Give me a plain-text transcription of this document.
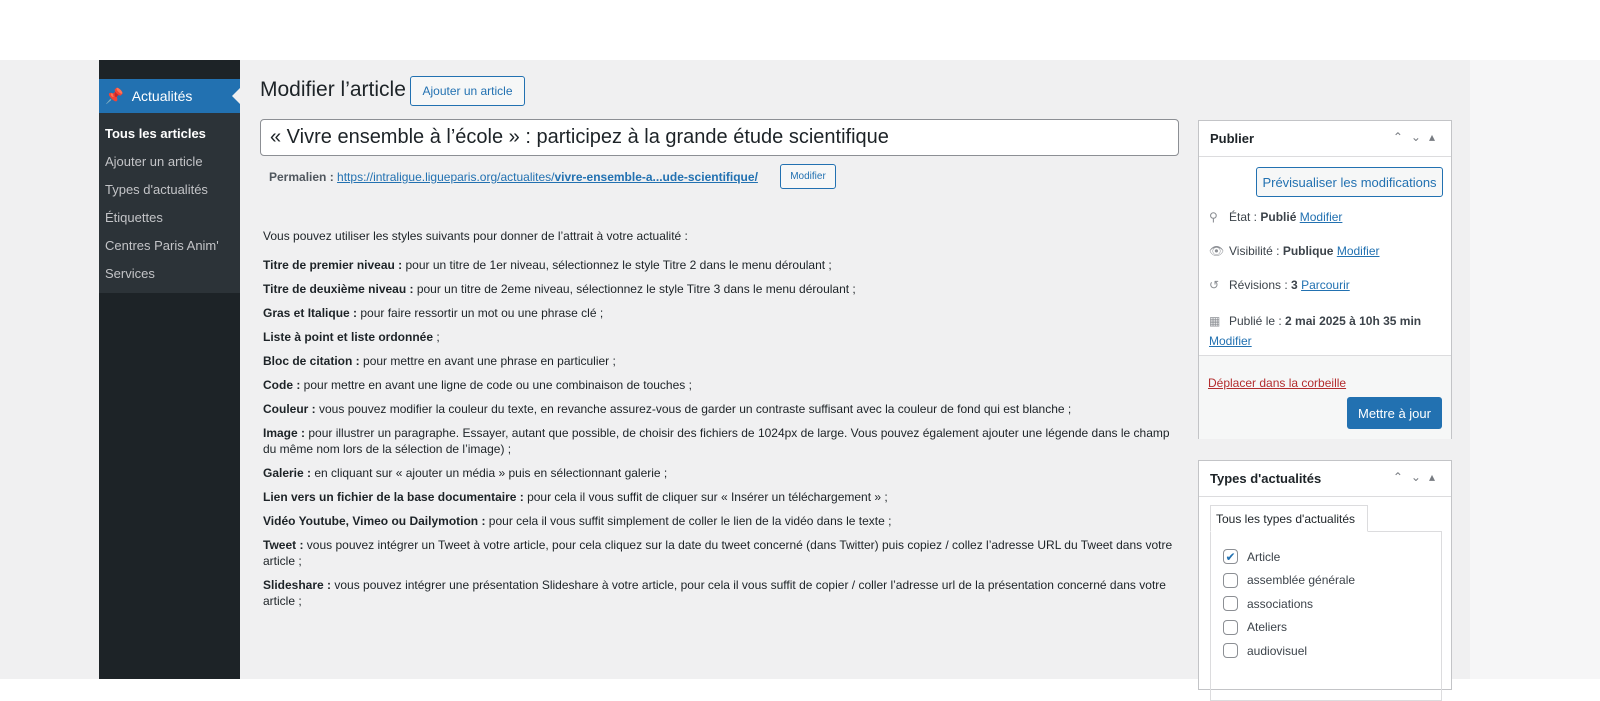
📌 Actualités
Tous les articles
Ajouter un article
Types d'actualités
Étiquettes
Centres Paris Anim'
Services
Modifier l’article	Ajouter un article
« Vivre ensemble à l’école » : participez à la grande étude scientifique
Permalien : https://intraligue.ligueparis.org/actualites/vivre-ensemble-a...ude-scientifique/	Modifier

Vous pouvez utiliser les styles suivants pour donner de l’attrait à votre actualité :

Titre de premier niveau : pour un titre de 1er niveau, sélectionnez le style Titre 2 dans le menu déroulant ;

Titre de deuxième niveau : pour un titre de 2eme niveau, sélectionnez le style Titre 3 dans le menu déroulant ;

Gras et Italique : pour faire ressortir un mot ou une phrase clé ;

Liste à point et liste ordonnée ;

Bloc de citation : pour mettre en avant une phrase en particulier ;

Code : pour mettre en avant une ligne de code ou une combinaison de touches ;

Couleur : vous pouvez modifier la couleur du texte, en revanche assurez-vous de garder un contraste suffisant avec la couleur de fond qui est blanche ;

Image : pour illustrer un paragraphe. Essayer, autant que possible, de choisir des fichiers de 1024px de large. Vous pouvez également ajouter une légende dans le champ du même nom lors de la sélection de l’image) ;

Galerie : en cliquant sur « ajouter un média » puis en sélectionnant galerie ;

Lien vers un fichier de la base documentaire : pour cela il vous suffit de cliquer sur « Insérer un téléchargement » ;

Vidéo Youtube, Vimeo ou Dailymotion : pour cela il vous suffit simplement de coller le lien de la vidéo dans le texte ;

Tweet : vous pouvez intégrer un Tweet à votre article, pour cela cliquez sur la date du tweet concerné (dans Twitter) puis copiez / collez l’adresse URL du Tweet dans votre article ;

Slideshare : vous pouvez intégrer une présentation Slideshare à votre article, pour cela il vous suffit de copier / coller l’adresse url de la présentation concerné dans votre article ;

Publier	⌃⌄▴
Prévisualiser les modifications
⚲ État : Publié Modifier
👁 Visibilité : Publique Modifier
↺ Révisions : 3 Parcourir
▦ Publié le : 2 mai 2025 à 10h 35 min
Modifier
Déplacer dans la corbeille
Mettre à jour
Types d'actualités	⌃⌄▴
Tous les types d'actualités
✔ Article
assemblée générale
associations
Ateliers
audiovisuel
